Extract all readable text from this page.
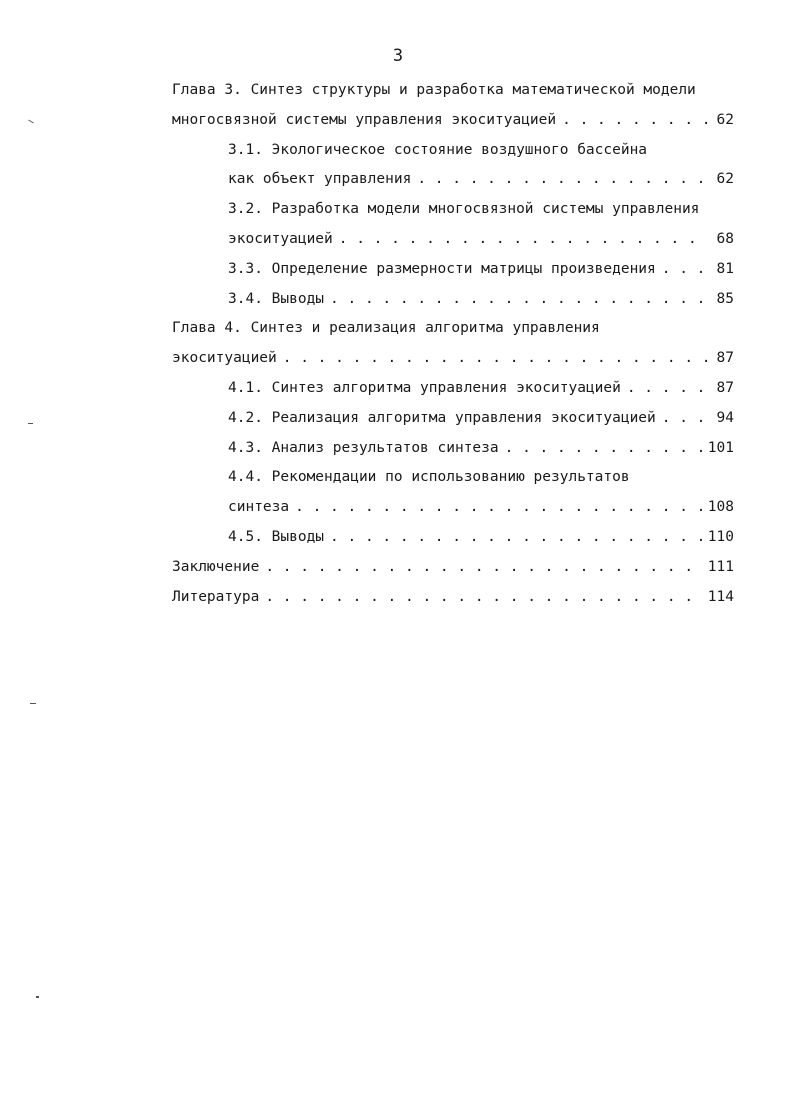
3
Глава 3. Синтез структуры и разработка математической модели
многосвязной системы управления экоситуацией . . .	62
3.1. Экологическое состояние воздушного бассейна
как объект управления . . .	62
3.2. Разработка модели многосвязной системы управления
экоситуацией . . .	68
3.3. Определение размерности матрицы произведения . . .	81
3.4. Выводы . . .	85
Глава 4. Синтез и реализация алгоритма управления
экоситуацией . . .	87
4.1. Синтез алгоритма управления экоситуацией . . .	87
4.2. Реализация алгоритма управления экоситуацией . . .	94
4.3. Анализ результатов синтеза . . .	101
4.4. Рекомендации по использованию результатов
синтеза . . .	108
4.5. Выводы . . .	110
Заключение . . .	111
Литература . . .	114
